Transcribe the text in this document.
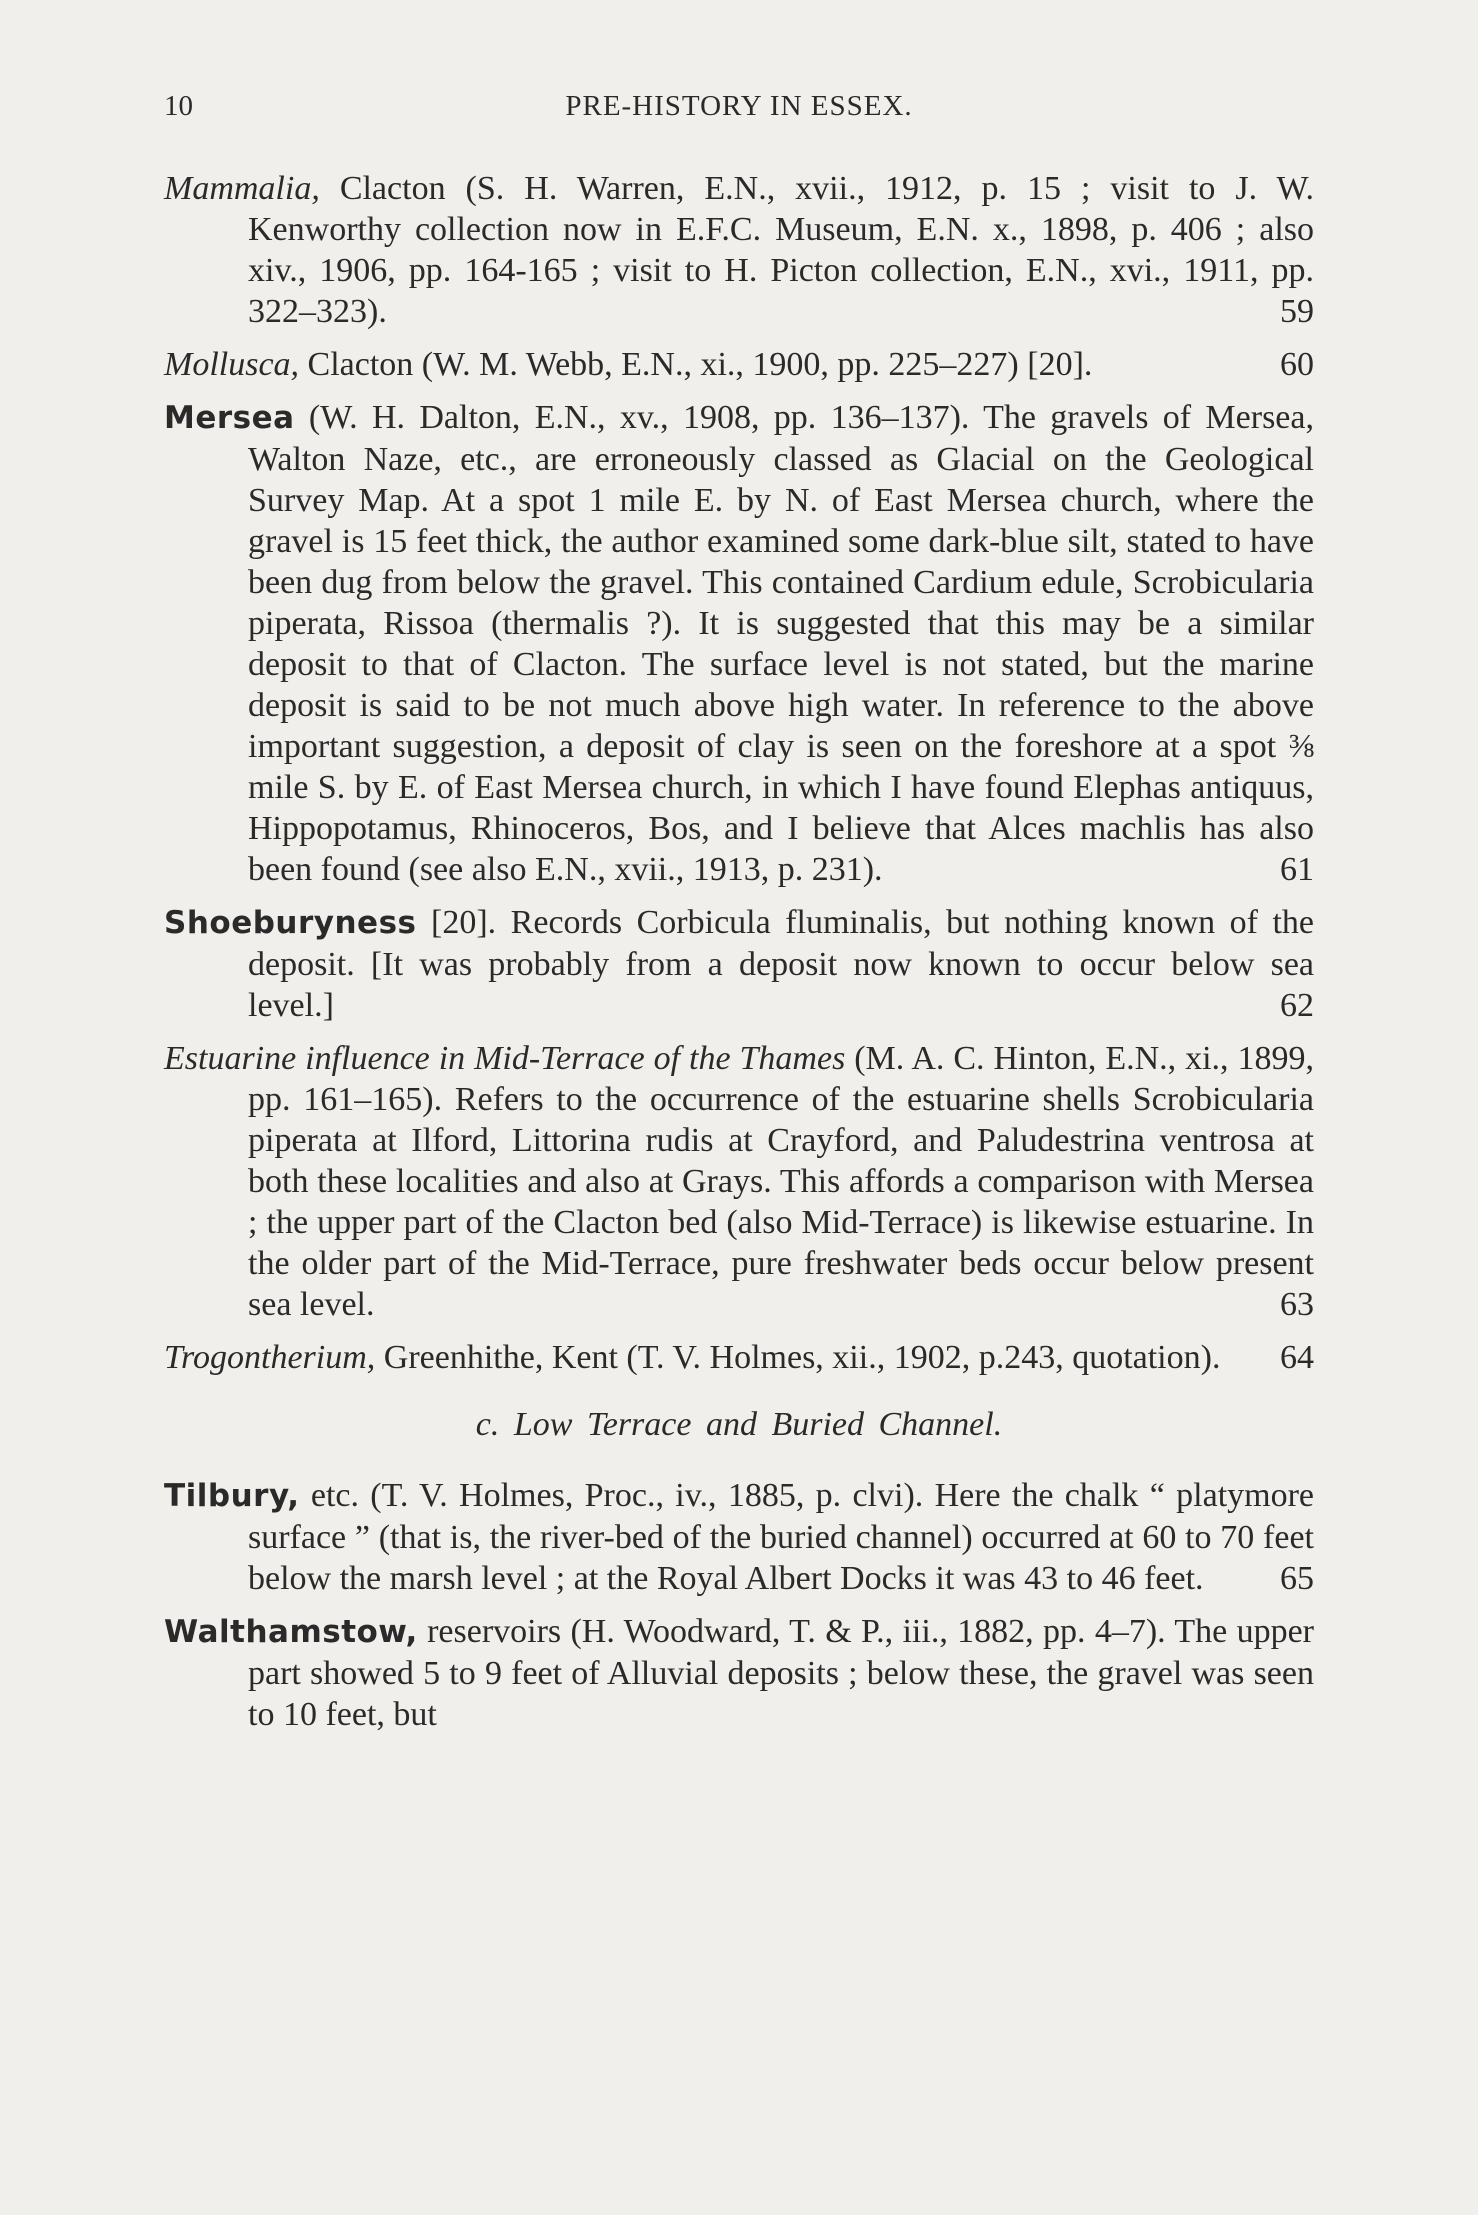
10	PRE-HISTORY IN ESSEX.
Mammalia, Clacton (S. H. Warren, E.N., xvii., 1912, p. 15 ; visit to J. W. Kenworthy collection now in E.F.C. Museum, E.N. x., 1898, p. 406 ; also xiv., 1906, pp. 164-165 ; visit to H. Picton collection, E.N., xvi., 1911, pp. 322–323).	59
Mollusca, Clacton (W. M. Webb, E.N., xi., 1900, pp. 225–227) [20].	60
Mersea (W. H. Dalton, E.N., xv., 1908, pp. 136–137). The gravels of Mersea, Walton Naze, etc., are erroneously classed as Glacial on the Geological Survey Map. At a spot 1 mile E. by N. of East Mersea church, where the gravel is 15 feet thick, the author examined some dark-blue silt, stated to have been dug from below the gravel. This contained Cardium edule, Scrobicularia piperata, Rissoa (thermalis ?). It is suggested that this may be a similar deposit to that of Clacton. The surface level is not stated, but the marine deposit is said to be not much above high water. In reference to the above important suggestion, a deposit of clay is seen on the foreshore at a spot ⅜ mile S. by E. of East Mersea church, in which I have found Elephas antiquus, Hippopotamus, Rhinoceros, Bos, and I believe that Alces machlis has also been found (see also E.N., xvii., 1913, p. 231).	61
Shoeburyness [20]. Records Corbicula fluminalis, but nothing known of the deposit. [It was probably from a deposit now known to occur below sea level.]	62
Estuarine influence in Mid-Terrace of the Thames (M. A. C. Hinton, E.N., xi., 1899, pp. 161–165). Refers to the occurrence of the estuarine shells Scrobicularia piperata at Ilford, Littorina rudis at Crayford, and Paludestrina ventrosa at both these localities and also at Grays. This affords a comparison with Mersea ; the upper part of the Clacton bed (also Mid-Terrace) is likewise estuarine. In the older part of the Mid-Terrace, pure freshwater beds occur below present sea level.	63
Trogontherium, Greenhithe, Kent (T. V. Holmes, xii., 1902, p.243, quotation). 64
c. Low Terrace and Buried Channel.
Tilbury, etc. (T. V. Holmes, Proc., iv., 1885, p. clvi). Here the chalk “ platymore surface ” (that is, the river-bed of the buried channel) occurred at 60 to 70 feet below the marsh level ; at the Royal Albert Docks it was 43 to 46 feet. 65
Walthamstow, reservoirs (H. Woodward, T. & P., iii., 1882, pp. 4–7). The upper part showed 5 to 9 feet of Alluvial deposits ; below these, the gravel was seen to 10 feet, but
